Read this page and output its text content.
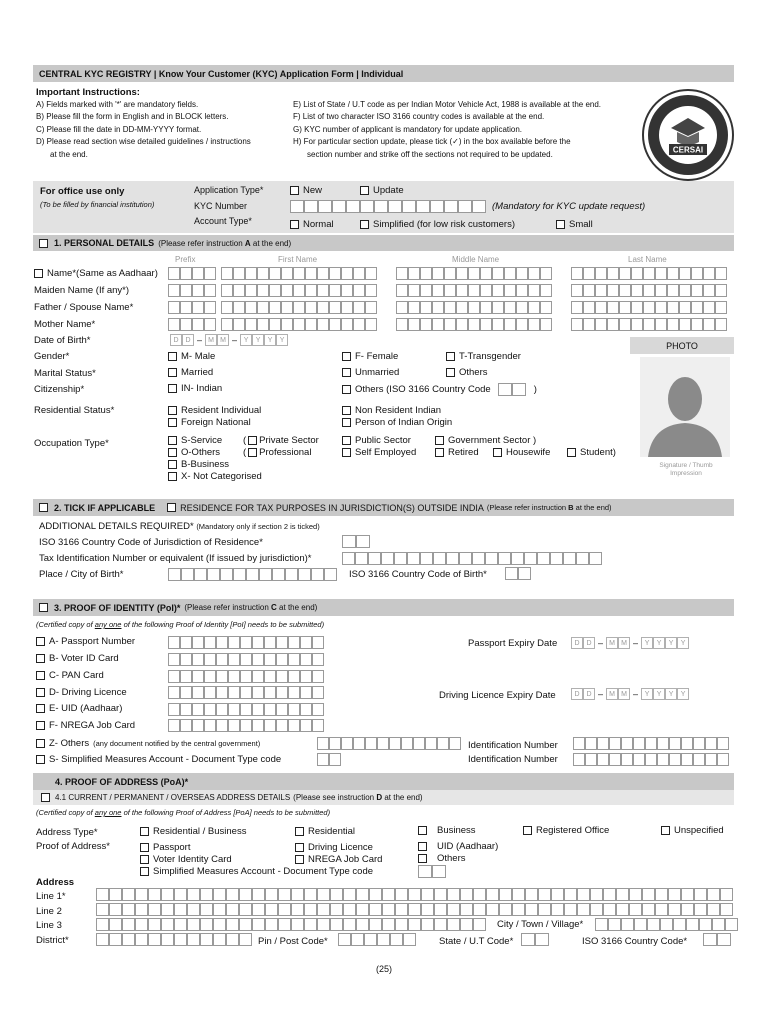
CENTRAL KYC REGISTRY | Know Your Customer (KYC) Application Form | Individual
Important Instructions:
A) Fields marked with '*' are mandatory fields.
B) Please fill the form in English and in BLOCK letters.
C) Please fill the date in DD-MM-YYYY format.
D) Please read section wise detailed guidelines / instructions
at the end.
E) List of State / U.T code as per Indian Motor Vehicle Act, 1988 is available at the end.
F) List of two character ISO 3166 country codes is available at the end.
G) KYC number of applicant is mandatory for update application.
H) For particular section update, please tick (✓) in the box available before the
section number and strike off the sections not required to be updated.	CERSAI
For office use only
(To be filled by financial institution)
Application Type*	New	Update
KYC Number	(Mandatory for KYC update request)
Account Type*	Normal	Simplified (for low risk customers)	Small
1. PERSONAL DETAILS (Please refer instruction A at the end)
Prefix	First Name	Middle Name	Last Name
Name*(Same as Aadhaar)
Maiden Name (If any*)
Father / Spouse Name*
Mother Name*
Date of Birth*	D D – M M – Y	Y	Y	Y
PHOTO
Signature / Thumb Impression
Gender*	M- Male	F- Female	T-Transgender
Marital Status*	Married	Unmarried	Others
Citizenship*	IN- Indian	Others (ISO 3166 Country Code	)
Residential Status*	Resident Individual
Foreign National
Non Resident Indian
Person of Indian Origin
Occupation Type*	S-Service ( Private Sector	Public Sector	Government Sector )
O-Others ( Professional	Self Employed	Retired	Housewife	Student)
B-Business
X- Not Categorised
2. TICK IF APPLICABLE	RESIDENCE FOR TAX PURPOSES IN JURISDICTION(S) OUTSIDE INDIA (Please refer instruction B at the end)
ADDITIONAL DETAILS REQUIRED* (Mandatory only if section 2 is ticked)
ISO 3166 Country Code of Jurisdiction of Residence*
Tax Identification Number or equivalent (If issued by jurisdiction)*
Place / City of Birth*	ISO 3166 Country Code of Birth*
3. PROOF OF IDENTITY (PoI)* (Please refer instruction C at the end)
(Certified copy of any one of the following Proof of Identity [PoI] needs to be submitted)
A- Passport Number
B- Voter ID Card
C- PAN Card
D- Driving Licence
E- UID (Aadhaar)
F- NREGA Job Card
Z- Others (any document notified by the central government)
S- Simplified Measures Account - Document Type code
Passport Expiry Date	D D – M M – Y	Y	Y	Y
Driving Licence Expiry Date	D D – M M – Y	Y	Y	Y
Identification Number
Identification Number
4. PROOF OF ADDRESS (PoA)*
4.1 CURRENT / PERMANENT / OVERSEAS ADDRESS DETAILS (Please see instruction D at the end)
(Certified copy of any one of the following Proof of Address [PoA] needs to be submitted)
Address Type*	Residential / Business	Residential	Business	Registered Office	Unspecified
Proof of Address*	Passport	Driving Licence	UID (Aadhaar)
Voter Identity Card	NREGA Job Card	Others
Simplified Measures Account - Document Type code
Address
Line 1*
Line 2
Line 3	City / Town / Village*
District*	Pin / Post Code*	State / U.T Code*	ISO 3166 Country Code*
(25)
